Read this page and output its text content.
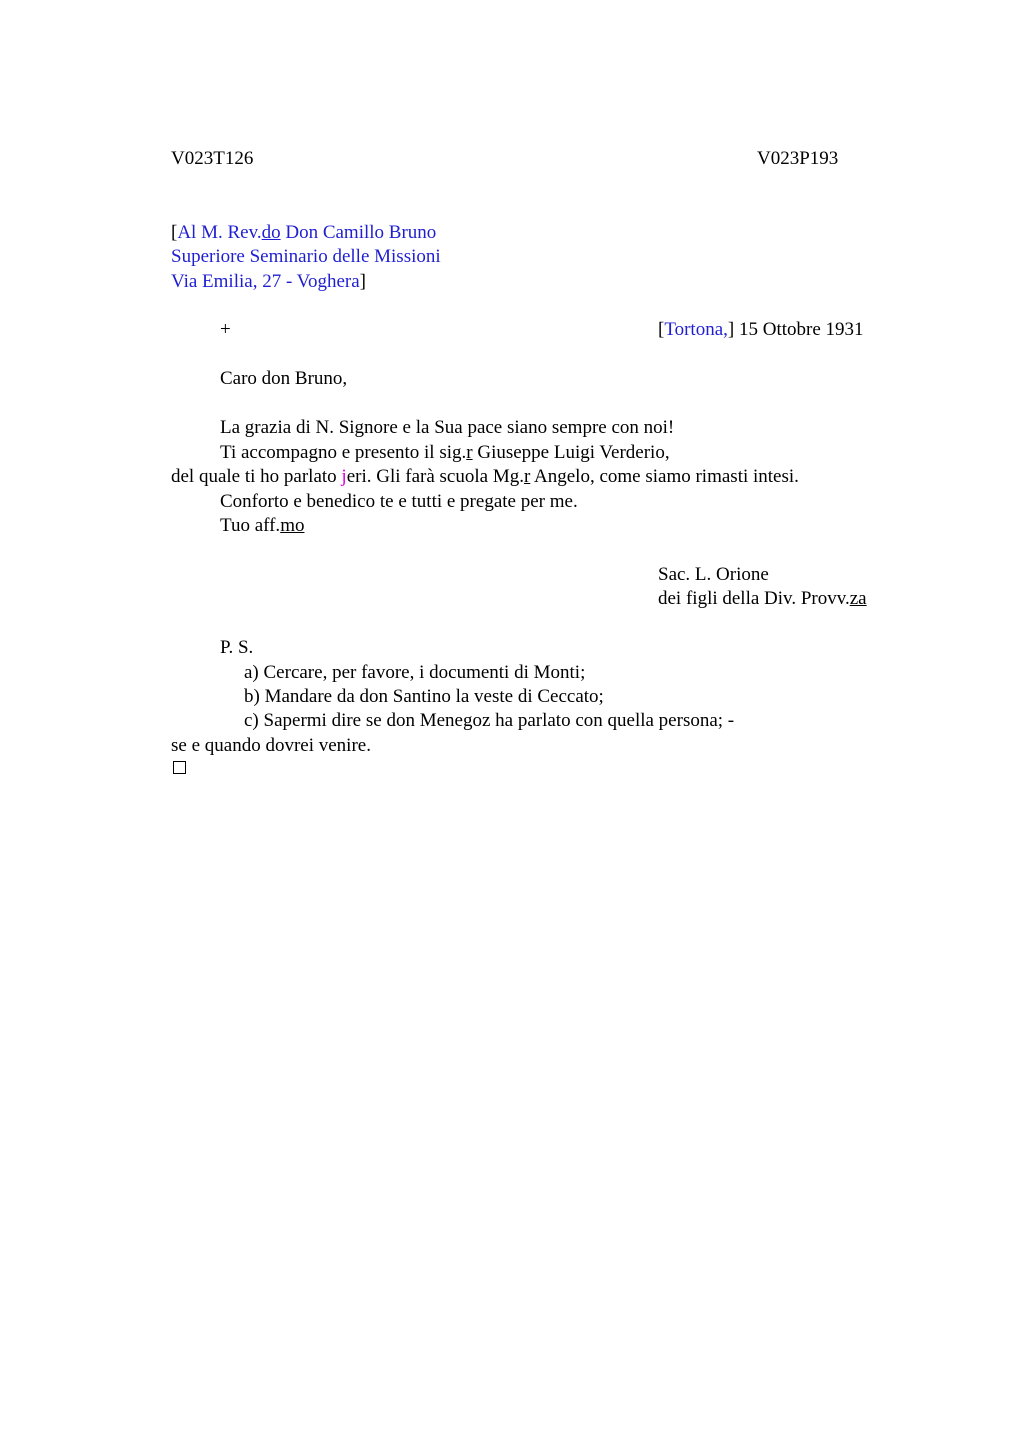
V023T126	V023P193
[Al M. Rev.do Don Camillo Bruno
Superiore Seminario delle Missioni
Via Emilia, 27 - Voghera]
+	[Tortona,] 15 Ottobre 1931
Caro don Bruno,
La grazia di N. Signore e la Sua pace siano sempre con noi!
Ti accompagno e presento il sig.r Giuseppe Luigi Verderio,
del quale ti ho parlato jeri. Gli farà scuola Mg.r Angelo, come siamo rimasti intesi.
Conforto e benedico te e tutti e pregate per me.
Tuo aff.mo
Sac. L. Orione
dei figli della Div. Provv.za
P. S.
a) Cercare, per favore, i documenti di Monti;
b) Mandare da don Santino la veste di Ceccato;
c) Sapermi dire se don Menegoz ha parlato con quella persona; -
se e quando dovrei venire.
